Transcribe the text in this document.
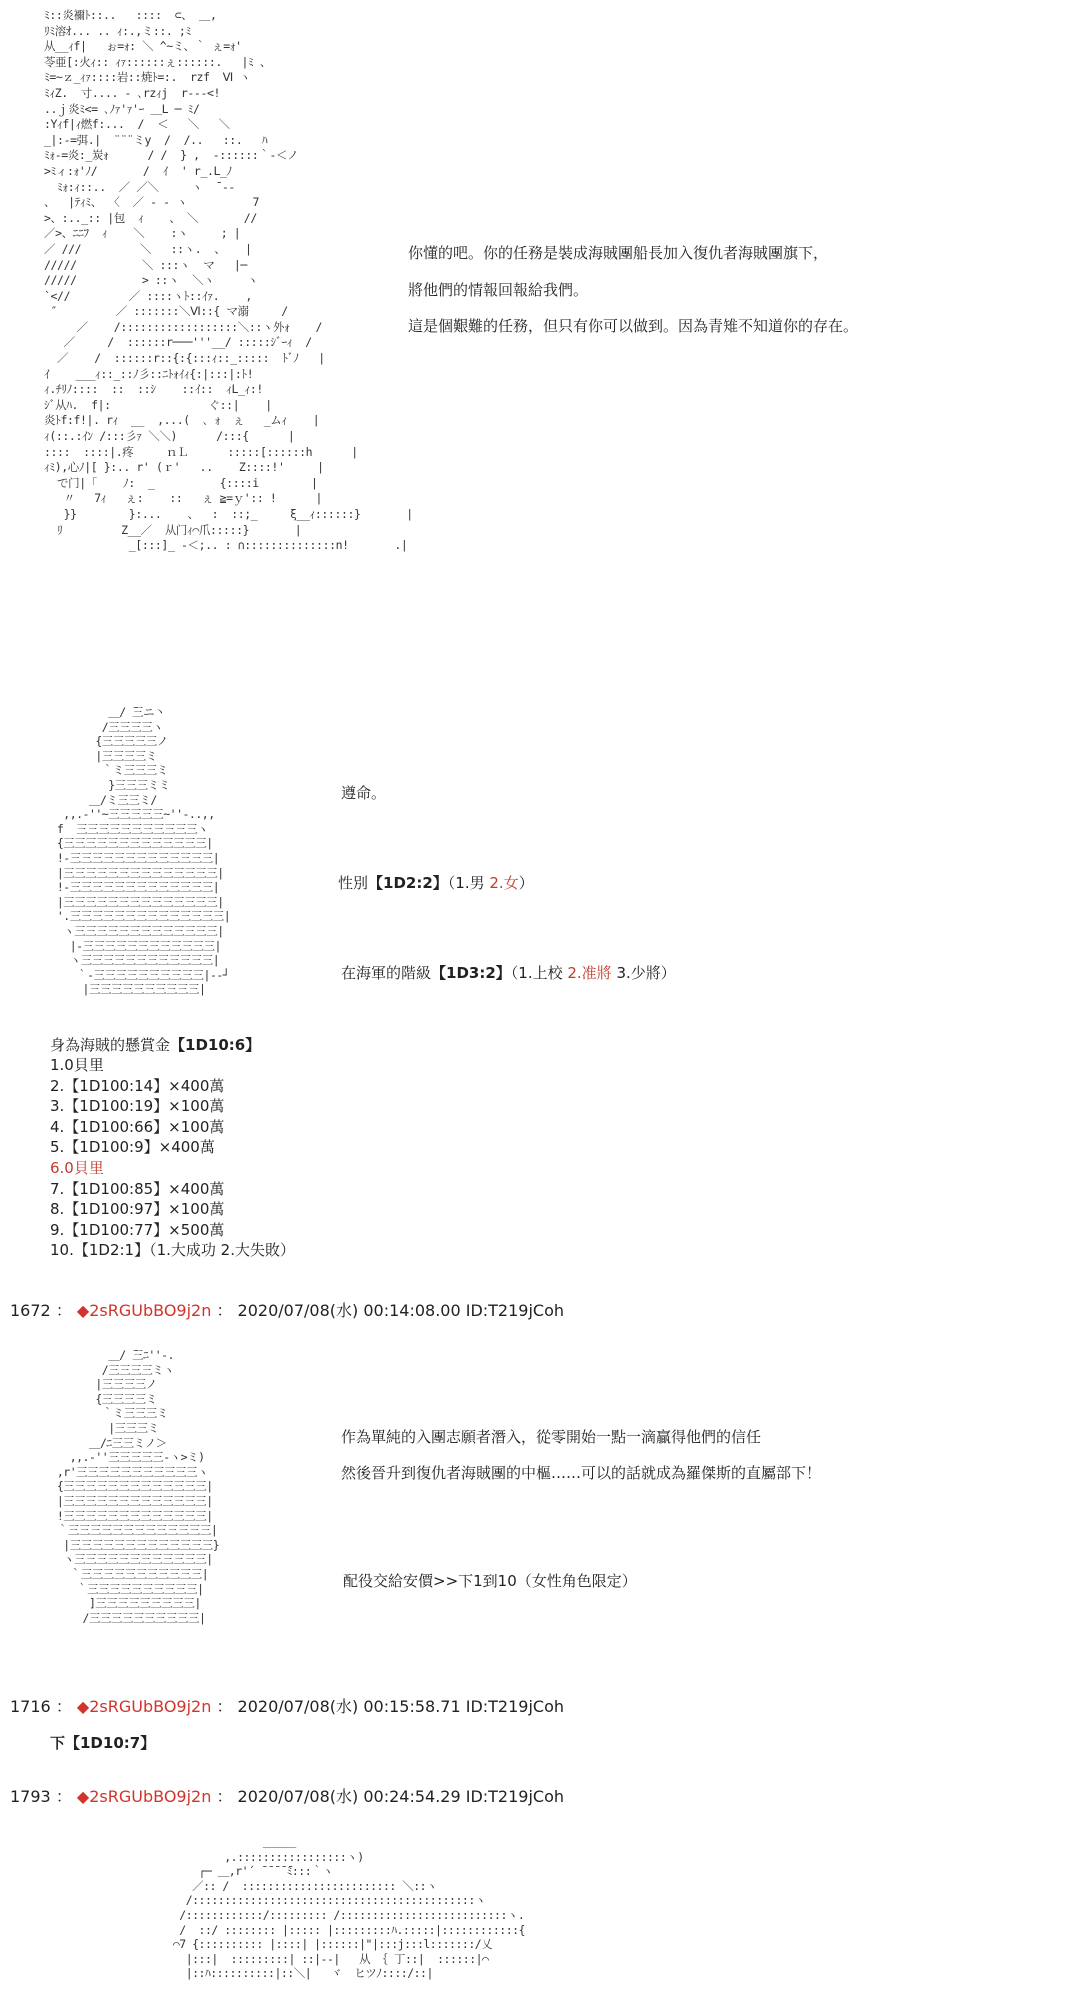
ﾐ::炎禰ﾄ::..   ::::  ⊂、 ＿,
ﾘﾐ溶ｵ... .. ｨ:.,ミ::. ;ﾐ
从__ｨf|   ぉ=ｫ: ＼ ^~ミ、｀ ぇ=ｫ'
苓亜[:火ｨ:: ｨｧ::::::ぇ::::::.   |ﾐ 、
ﾐ=~ｚ_ｨｧ::::岩::焼ﾄ=:.  rzf  Ⅵ ヽ
ﾐｨZ.  寸.... ‐ ､rzｨj  r‐-‐<!
..ｊ炎ﾐ<= ､ﾉｧ'ｧ'ｰ ＿L ─ ﾐ/
:Yｨf|ｨ燃f:...  /  ＜   ＼   ＼
_|:-=弭.|  ¨¨¨ミy  /  /..   ::.   ﾊ
ﾐｫ-=炎:_炭ｫ      / /  } ,  -::::::｀-＜ノ
>ﾐィ:ｫ'ﾉ/       /  ｲ  ' r_.L_ﾉ
ﾐｫ:ｨ::..  ／ ／＼     ヽ  ̄ ‐‐
、  |ﾃｨﾐ、 〈  ／ ‐ ‐ ヽ          7
>、:.._:: |包  ｨ    、 ＼       //
／>、ﾆﾆﾌ  ｨ    ＼    :ヽ     ; |
／ ///         ＼   ::ヽ.  、   |
/////          ＼ :::ヽ  マ   |─
/////          > ::ヽ  ＼ヽ     ヽ
`<//         ／ ::::ヽﾄ::ｲｧ.    ,
″         ／ :::::::＼Ⅵ::{ マ溺     /
／    /::::::::::::::::::＼::ヽ外ｫ    /
／     /  ::::::r───'''__/ :::::ｼﾞｰｨ  /
／    /  ::::::r::{:{:::ｨ::_:::::  ﾄﾞﾉ   |
ｲ    ___ｨ::_::ﾉ彡::ﾆﾄｫｲｨ{:|:::|:ﾄ!
ｨ.ﾁﾘﾉ::::  ::  ::ｼ    ::ｲ::  ｨL_ｨ:!
ｼﾞ从ﾊ.  f|:               ぐ::|    |
炎ﾄf:f!|. rｨ  __  ,...(  ､ ｫ  ぇ   _ムｨ    |
ｨ(::.:ｲﾝ /:::彡ｧ ＼＼)      /:::{      |
::::  ::::|.疼     ｎＬ      :::::[::::::h      |
ｨﾐ),心ﾉ|[ }:.. r' (ｒ'   ..    Z::::!'     |
で门|「    ﾉ:  _          {::::i        |
〃   7ｨ   ぇ:    ::   ぇ ≧=ｙ':: !      |
}}        }:...    、  :  ::;_     ξ__ｨ::::::}       |
ﾘ         Z__／  从门ｨ⌒爪:::::}       |
_[:::]_ -＜;.. : ∩::::::::::::::n!       .|
＿/ ̄三ニ丶
/三三三三ヽ
{三三三三三ノ
|三三三三ミ
｀ミ三三三ミ
}三三三ミミ
＿/ミ三三ミ/
,,.-''~三三三三三~''-..,,
f  三三三三三三三三三三三ヽ
{三三三三三三三三三三三三三|
!-三三三三三三三三三三三三三|
|三三三三三三三三三三三三三三|
!-三三三三三三三三三三三三三|
|三三三三三三三三三三三三三三|
'.三三三三三三三三三三三三三三|
ヽ三三三三三三三三三三三三三|
|-三三三三三三三三三三三三|
ヽ三三三三三三三三三三三三|
｀-三三三三三三三三三三|‐-┘
|三三三三三三三三三三|
＿/ ̄三ﾆ''-.
/三三三三ミヽ
|三三三三ノ
{三三三三ミ
｀ミ三三三ミ
|三三三ミ
＿/ﾆ三三ミノ＞
,,.-''三三三三三‐ヽ>ミ)
,r'三三三三三三三三三三三ヽ
{三三三三三三三三三三三三三|
|三三三三三三三三三三三三三|
!三三三三三三三三三三三三三|
｀三三三三三三三三三三三三三|
|三三三三三三三三三三三三三}
ヽ三三三三三三三三三三三三|
｀三三三三三三三三三三三|
｀三三三三三三三三三三|
]三三三三三三三三三|
/三三三三三三三三三三|
＿＿＿
,.:::::::::::::::::ヽ)
┌─ ＿,r'´ ̄ ̄ ̄ ̄ ̄ﾐ:::｀ヽ
／:: /  :::::::::::::::::::::::: ＼::ヽ
/::::::::::::::::::::::::::::::::::::::::::::ヽ
/::::::::::::/::::::::: /::::::::::::::::::::::::::ヽ.
/  ::/ :::::::: |::::: |:::::::::ﾊ.:::::|::::::::::::{
⌒7 {:::::::::: |::::| |::::::|"|:::j:::l:::::::/乂
|:::|  :::::::::| ::|--|   从 ｛ 丁::|  ::::::|⌒
|::ﾊ::::::::::|::＼|   ヾ  ヒツﾉ::::/::|
你懂的吧。你的任務是裝成海賊團船長加入復仇者海賊團旗下，
將他們的情報回報給我們。
這是個艱難的任務，但只有你可以做到。因為青雉不知道你的存在。
遵命。
性別【1D2:2】（1.男 2.女）
在海軍的階級【1D3:2】（1.上校 2.准將 3.少將）
身為海賊的懸賞金【1D10:6】
1.0貝里
2.【1D100:14】×400萬
3.【1D100:19】×100萬
4.【1D100:66】×100萬
5.【1D100:9】×400萬
6.0貝里
7.【1D100:85】×400萬
8.【1D100:97】×100萬
9.【1D100:77】×500萬
10.【1D2:1】（1.大成功 2.大失敗）
1672 ： ◆2sRGUbBO9j2n ： 2020/07/08(水) 00:14:08.00 ID:T219jCoh
作為單純的入團志願者潛入，從零開始一點一滴贏得他們的信任
然後晉升到復仇者海賊團的中樞……可以的話就成為羅傑斯的直屬部下！
配役交給安價>>下1到10（女性角色限定）
1716 ： ◆2sRGUbBO9j2n ： 2020/07/08(水) 00:15:58.71 ID:T219jCoh
下【1D10:7】
1793 ： ◆2sRGUbBO9j2n ： 2020/07/08(水) 00:24:54.29 ID:T219jCoh
